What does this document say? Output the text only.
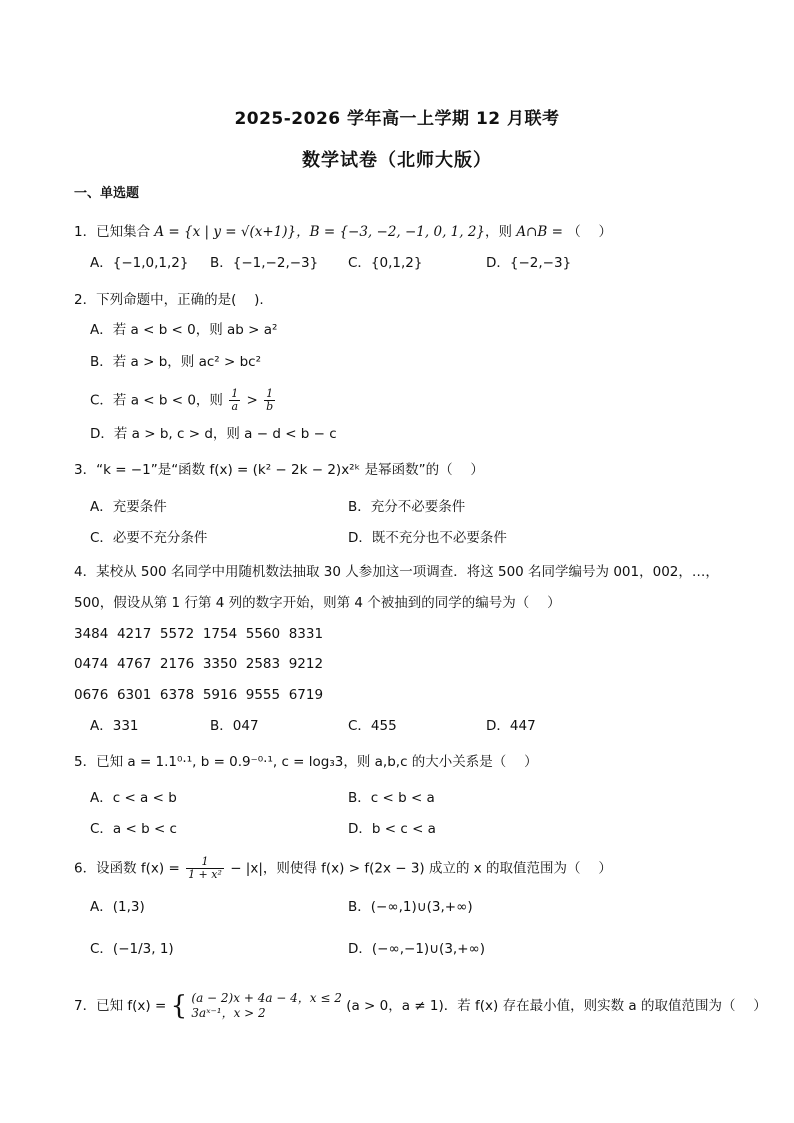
2025-2026 学年高一上学期 12 月联考
数学试卷（北师大版）
一、单选题
1．已知集合 A = {x | y = √(x+1)}，B = {−3, −2, −1, 0, 1, 2}，则 A∩B = （　 ）
A．{−1,0,1,2} B．{−1,−2,−3} C．{0,1,2}	D．{−2,−3}
2．下列命题中，正确的是(　 ).
A．若 a < b < 0，则 ab > a²
B．若 a > b，则 ac² > bc²
C．若 a < b < 0，则 $\frac{1}{a} > \frac{1}{b}$
D．若 a > b, c > d，则 a − d < b − c
3．“k = −1”是“函数 f(x) = (k² − 2k − 2)x²ᵏ 是幂函数”的（　 ）
A．充要条件	B．充分不必要条件
C．必要不充分条件	D．既不充分也不必要条件
4．某校从 500 名同学中用随机数法抽取 30 人参加这一项调查．将这 500 名同学编号为 001，002，…，
500，假设从第 1 行第 4 列的数字开始，则第 4 个被抽到的同学的编号为（　 ）
3484  4217  5572  1754  5560  8331
0474  4767  2176  3350  2583  9212
0676  6301  6378  5916  9555  6719
A．331	B．047	C．455	D．447
5．已知 a = 1.1⁰·¹, b = 0.9⁻⁰·¹, c = log₃3，则 a,b,c 的大小关系是（　 ）
A．c < a < b	B．c < b < a
C．a < b < c	D．b < c < a
6．设函数 $f(x) = \frac{1}{\text{1 + x²}} - |x|$，则使得 f(x) > f(2x − 3) 成立的 x 的取值范围为（　 ）
A．(1,3)	B．(−∞,1)∪(3,+∞)
C．(−1/3, 1)	D．(−∞,−1)∪(3,+∞)
7．已知 f(x) = { (a − 2)x + 4a − 4，x ≤ 2
3aˣ⁻¹，x > 2	(a > 0，a ≠ 1)．若 f(x) 存在最小值，则实数 a 的取值范围为（　 ）
